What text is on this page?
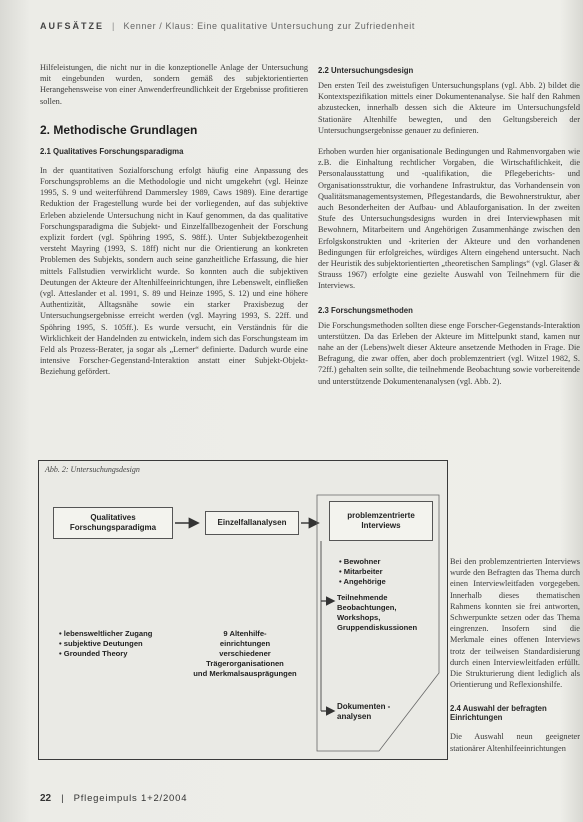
AUFSÄTZE | Kenner / Klaus: Eine qualitative Untersuchung zur Zufriedenheit

Hilfeleistungen, die nicht nur in die konzeptionelle Anlage der Untersuchung mit eingebunden wurden, sondern gemäß des subjektorientierten Herangehensweise von einer Anwenderfreundlichkeit der Ergebnisse profitieren sollen.

2. Methodische Grundlagen
2.1 Qualitatives Forschungsparadigma

In der quantitativen Sozialforschung erfolgt häufig eine Anpassung des Forschungsproblems an die Methodologie und nicht umgekehrt (vgl. Heinze 1995, S. 9 und weiterführend Dammersley 1989, Caws 1989). Eine derartige Reduktion der Fragestellung wurde bei der vorliegenden, auf das subjektive Erleben abzielende Untersuchung nicht in Kauf genommen, da das qualitative Forschungsparadigma die Subjekt- und Einzelfallbezogenheit der Forschung explizit fordert (vgl. Spöhring 1995, S. 98ff.). Unter Subjektbezogenheit versteht Mayring (1993, S. 18ff) nicht nur die Orientierung an konkreten Problemen des Subjekts, sondern auch seine ganzheitliche Erfassung, die hier mittels Fallstudien verwirklicht wurde. So konnten auch die subjektiven Deutungen der Akteure der Altenhilfeeinrichtungen, ihre Lebenswelt, einfließen (vgl. Atteslander et al. 1991, S. 89 und Heinze 1995, S. 12) und eine höhere Authentizität, Alltagsnähe sowie ein starker Praxisbezug der Untersuchungsergebnisse erreicht werden (vgl. Mayring 1993, S. 22ff. und Spöhring 1995, S. 105ff.). Es wurde versucht, ein Verständnis für die Wirklichkeit der Handelnden zu entwickeln, indem sich das Forschungsteam im Feld als Prozess-Berater, ja sogar als „Lerner“ definierte. Dadurch wurde eine intensive Forscher-Gegenstand-Interaktion anstatt einer Subjekt-Objekt-Beziehung gefördert.

2.2 Untersuchungsdesign

Den ersten Teil des zweistufigen Untersuchungsplans (vgl. Abb. 2) bildet die Kontextspezifikation mittels einer Dokumentenanalyse. Sie half den Rahmen abzustecken, innerhalb dessen sich die Akteure im Untersuchungsfeld Stationäre Altenhilfe bewegten, und den Geltungsbereich der Untersuchungsergebnisse genauer zu definieren.

Erhoben wurden hier organisationale Bedingungen und Rahmenvorgaben wie z.B. die Einhaltung rechtlicher Vorgaben, die Wirtschaftlichkeit, die Personalausstattung und -qualifikation, die Pflegeberichts- und Organisationsstruktur, die vorhandene Infrastruktur, das Vorhandensein von Qualitätsmanagementsystemen, Pflegestandards, die Bewohnerstruktur, aber auch Besonderheiten der Aufbau- und Ablauforganisation. In der zweiten Stufe des Untersuchungsdesigns wurden in drei Interviewphasen mit Bewohnern, Mitarbeitern und Angehörigen Zusammenhänge zwischen den Erfolgskonstrukten und -kriterien der Akteure und den vorhandenen Bedingungen für erfolgreiches, würdiges Altern eingehend untersucht. Nach der Heuristik des subjektorientierten „theoretischen Samplings“ (vgl. Glaser & Strauss 1967) erfolgte eine gezielte Auswahl von Teilnehmern für die Interviews.

2.3 Forschungsmethoden

Die Forschungsmethoden sollten diese enge Forscher-Gegenstands-Interaktion unterstützen. Da das Erleben der Akteure im Mittelpunkt stand, kamen nur nahe an der (Lebens)welt dieser Akteure ansetzende Methoden in Frage. Die Befragung, die zwar offen, aber doch problemzentriert (vgl. Witzel 1982, S. 72ff.) gehalten sein sollte, die teilnehmende Beobachtung sowie vorbereitende und unterstützende Dokumentenanalysen (vgl. Abb. 2).

Bei den problemzentrierten Interviews wurde den Befragten das Thema durch einen Interviewleitfaden vorgegeben. Innerhalb dieses thematischen Rahmens konnten sie frei antworten, Schwerpunkte setzen oder das Thema eingrenzen. Insofern sind die Merkmale eines offenen Interviews trotz der teilweisen Standardisierung durch einen Interviewleitfaden erfüllt. Die Strukturierung dient lediglich als Orientierung und Reflexionshilfe.

2.4 Auswahl der befragten Einrichtungen

Die Auswahl neun geeigneter stationärer Altenhilfeeinrichtungen

Abb. 2: Untersuchungsdesign
Qualitatives Forschungsparadigma
Einzelfallanalysen
problemzentrierte Interviews
• lebensweltlicher Zugang
• subjektive Deutungen
• Grounded Theory
9 Altenhilfe-
einrichtungen
verschiedener
Trägerorganisationen
und Merkmalsausprägungen
• Bewohner
• Mitarbeiter
• Angehörige
Teilnehmende
Beobachtungen,
Workshops,
Gruppendiskussionen
Dokumenten -analysen
22 | Pflegeimpuls 1+2/2004
